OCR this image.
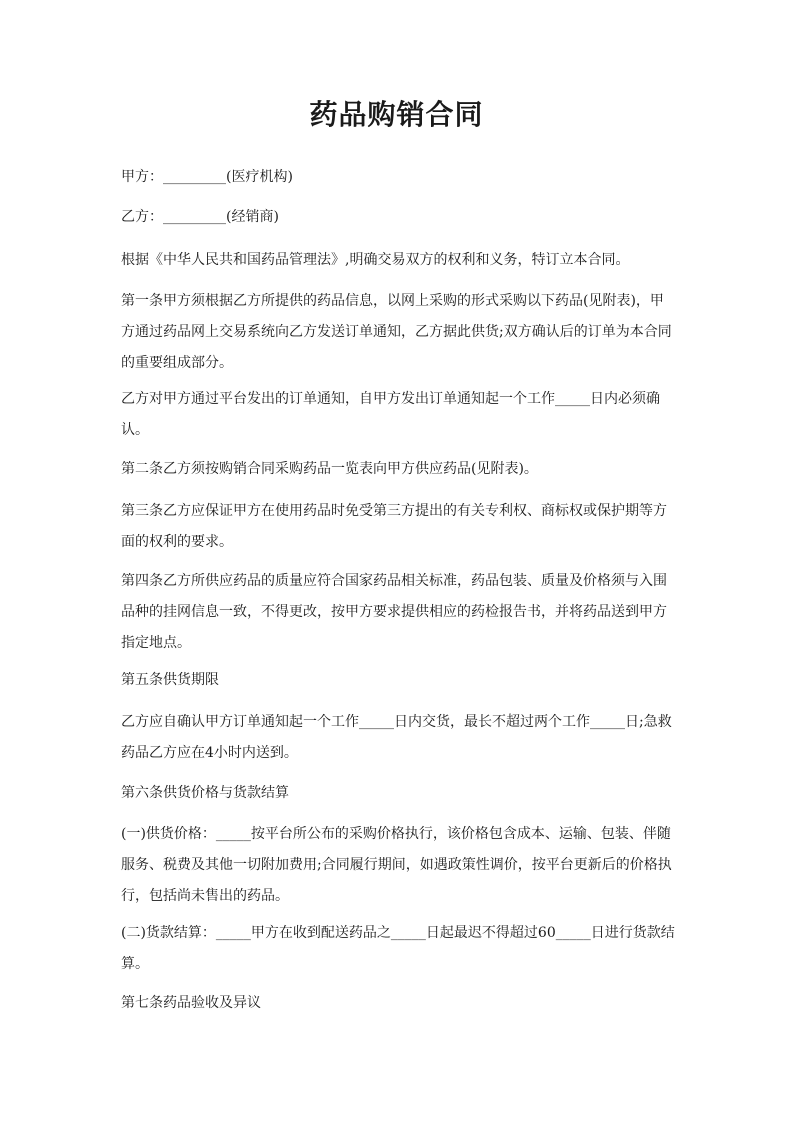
药品购销合同

甲方：_________(医疗机构)

乙方：_________(经销商)

根据《中华人民共和国药品管理法》,明确交易双方的权利和义务，特订立本合同。

第一条甲方须根据乙方所提供的药品信息，以网上采购的形式采购以下药品(见附表)，甲方通过药品网上交易系统向乙方发送订单通知，乙方据此供货;双方确认后的订单为本合同的重要组成部分。

乙方对甲方通过平台发出的订单通知，自甲方发出订单通知起一个工作_____日内必须确认。

第二条乙方须按购销合同采购药品一览表向甲方供应药品(见附表)。

第三条乙方应保证甲方在使用药品时免受第三方提出的有关专利权、商标权或保护期等方面的权利的要求。

第四条乙方所供应药品的质量应符合国家药品相关标准，药品包装、质量及价格须与入围品种的挂网信息一致，不得更改，按甲方要求提供相应的药检报告书，并将药品送到甲方指定地点。

第五条供货期限

乙方应自确认甲方订单通知起一个工作_____日内交货，最长不超过两个工作_____日;急救药品乙方应在4小时内送到。

第六条供货价格与货款结算

(一)供货价格：_____按平台所公布的采购价格执行，该价格包含成本、运输、包装、伴随服务、税费及其他一切附加费用;合同履行期间，如遇政策性调价，按平台更新后的价格执行，包括尚未售出的药品。

(二)货款结算：_____甲方在收到配送药品之_____日起最迟不得超过60_____日进行货款结算。

第七条药品验收及异议
